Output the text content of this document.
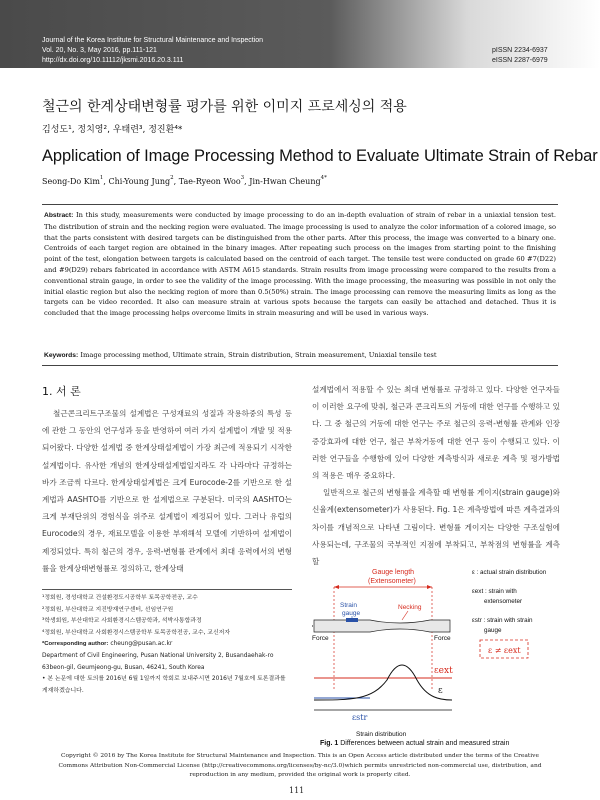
Journal of the Korea Institute for Structural Maintenance and Inspection
Vol. 20, No. 3, May 2016, pp.111-121
http://dx.doi.org/10.11112/jksmi.2016.20.3.111
pISSN 2234-6937
eISSN 2287-6979
철근의 한계상태변형률 평가를 위한 이미지 프로세싱의 적용
김성도¹, 정치영², 우태련³, 정진환⁴*
Application of Image Processing Method to Evaluate Ultimate Strain of Rebar
Seong-Do Kim$^1$, Chi-Young Jung$^2$, Tae-Ryeon Woo$^3$, Jin-Hwan Cheung$^{4*}$
Abstract: In this study, measurements were conducted by image processing to do an in-depth evaluation of strain of rebar in a uniaxial tension test. The distribution of strain and the necking region were evaluated. The image processing is used to analyze the color information of a colored image, so that the parts consistent with desired targets can be distinguished from the other parts. After this process, the image was converted to a binary one. Centroids of each target region are obtained in the binary images. After repeating such process on the images from starting point to the finishing point of the test, elongation between targets is calculated based on the centroid of each target. The tensile test were conducted on grade 60 #7(D22) and #9(D29) rebars fabricated in accordance with ASTM A615 standards. Strain results from image processing were compared to the results from a conventional strain gauge, in order to see the validity of the image processing. With the image processing, the measuring was possible in not only the initial elastic region but also the necking region of more than 0.5(50%) strain. The image processing can remove the measuring limits as long as the targets can be video recorded. It also can measure strain at various spots because the targets can easily be attached and detached. Thus it is concluded that the image processing helps overcome limits in strain measuring and will be used in various ways.
Keywords: Image processing method, Ultimate strain, Strain distribution, Strain measurement, Uniaxial tensile test
1. 서 론

철근콘크리트구조물의 설계법은 구성재료의 성질과 작용하중의 특성 등에 관한 그 동안의 연구성과 등을 반영하여 여러 가지 설계법이 개발 및 적용되어왔다. 다양한 설계법 중 한계상태설계법이 가장 최근에 적용되기 시작한 설계법이다. 유사한 개념의 한계상태설계법일지라도 각 나라마다 규정하는 바가 조금씩 다르다. 한계상태설계법은 크게 Eurocode-2를 기반으로 한 설계법과 AASHTO를 기반으로 한 설계법으로 구분된다. 미국의 AASHTO는 크게 부재단위의 경험식을 위주로 설계법이 제정되어 있다. 그러나 유럽의 Eurocode의 경우, 재료모델을 이용한 부재해석 모델에 기반하여 설계법이 제정되었다. 특히 철근의 경우, 응력-변형률 관계에서 최대 응력에서의 변형률을 한계상태변형률로 정의하고, 한계상태

설계법에서 적용할 수 있는 최대 변형률로 규정하고 있다. 다양한 연구자들이 이러한 요구에 맞춰, 철근과 콘크리트의 거동에 대한 연구를 수행하고 있다. 그 중 철근의 거동에 대한 연구는 주로 철근의 응력-변형률 관계와 인장증강효과에 대한 연구, 철근 부착거동에 대한 연구 등이 수행되고 있다. 이러한 연구들을 수행함에 있어 다양한 계측방식과 새로운 계측 및 평가방법의 적용은 매우 중요하다.

일반적으로 철근의 변형률을 계측할 때 변형률 게이지(strain gauge)와 신율계(extensometer)가 사용된다. Fig. 1은 계측방법에 따른 계측결과의 차이를 개념적으로 나타낸 그림이다. 변형률 게이지는 다양한 구조실험에 사용되는데, 구조물의 국부적인 지점에 부착되고, 부착점의 변형률을 계측할

¹정회원, 경성대학교 건설환경도시공학부 토목공학전공, 교수
²정회원, 부산대학교 지진방재연구센터, 선임연구원
³학생회원, 부산대학교 사회환경시스템공학과, 석박사통합과정
⁴정회원, 부산대학교 사회환경시스템공학부 토목공학전공, 교수, 교신저자
*Corresponding author: cheung@pusan.ac.kr
Department of Civil Engineering, Pusan National University 2, Busandaehak-ro 63beon-gil, Geumjeong-gu, Busan, 46241, South Korea
• 본 논문에 대한 토의를 2016년 6월 1일까지 학회로 보내주시면 2016년 7월호에 토론결과를 게재하겠습니다.
Gauge length
(Extensometer)
Strain
gauge
Necking
Force	Force
εext
ε
εstr
Strain distribution
ε : actual strain distribution
εext : strain with
extensometer
εstr : strain with strain
gauge
ε ≠ εext
Fig. 1 Differences between actual strain and measured strain
Copyright © 2016 by The Korea Institute for Structural Maintenance and Inspection. This is an Open Access article distributed under the terms of the Creative Commons Attribution Non-Commercial License (http://creativecommons.org/licenses/by-nc/3.0)which permits unrestricted non-commercial use, distribution, and reproduction in any medium, provided the original work is properly cited.
111
